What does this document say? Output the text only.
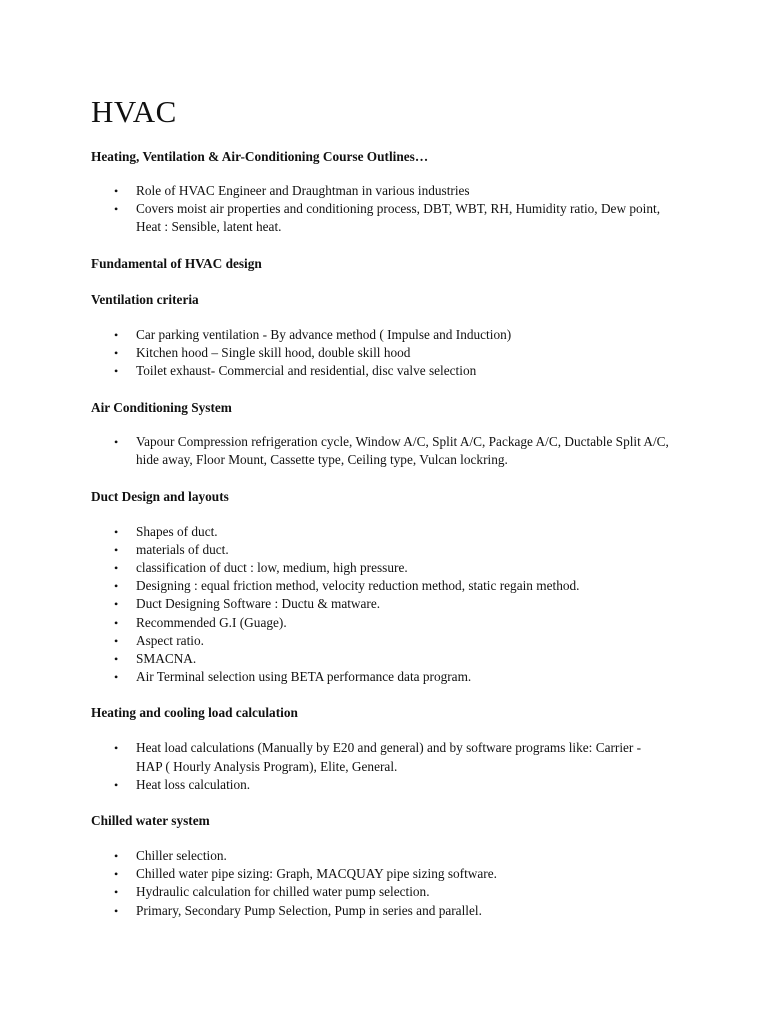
HVAC

Heating, Ventilation & Air-Conditioning Course Outlines…

• Role of HVAC Engineer and Draughtman in various industries
• Covers moist air properties and conditioning process, DBT, WBT, RH, Humidity ratio, Dew point, Heat : Sensible, latent heat.

Fundamental of HVAC design

Ventilation criteria

• Car parking ventilation - By advance method ( Impulse and Induction)
• Kitchen hood – Single skill hood, double skill hood
• Toilet exhaust- Commercial and residential, disc valve selection

Air Conditioning System

• Vapour Compression refrigeration cycle, Window A/C, Split A/C, Package A/C, Ductable Split A/C, hide away, Floor Mount, Cassette type, Ceiling type, Vulcan lockring.

Duct Design and layouts

• Shapes of duct.
• materials of duct.
• classification of duct : low, medium, high pressure.
• Designing : equal friction method, velocity reduction method, static regain method.
• Duct Designing Software : Ductu & matware.
• Recommended G.I (Guage).
• Aspect ratio.
• SMACNA.
• Air Terminal selection using BETA performance data program.

Heating and cooling load calculation

• Heat load calculations (Manually by E20 and general) and by software programs like: Carrier - HAP ( Hourly Analysis Program), Elite, General.
• Heat loss calculation.

Chilled water system

• Chiller selection.
• Chilled water pipe sizing: Graph, MACQUAY pipe sizing software.
• Hydraulic calculation for chilled water pump selection.
• Primary, Secondary Pump Selection, Pump in series and parallel.
